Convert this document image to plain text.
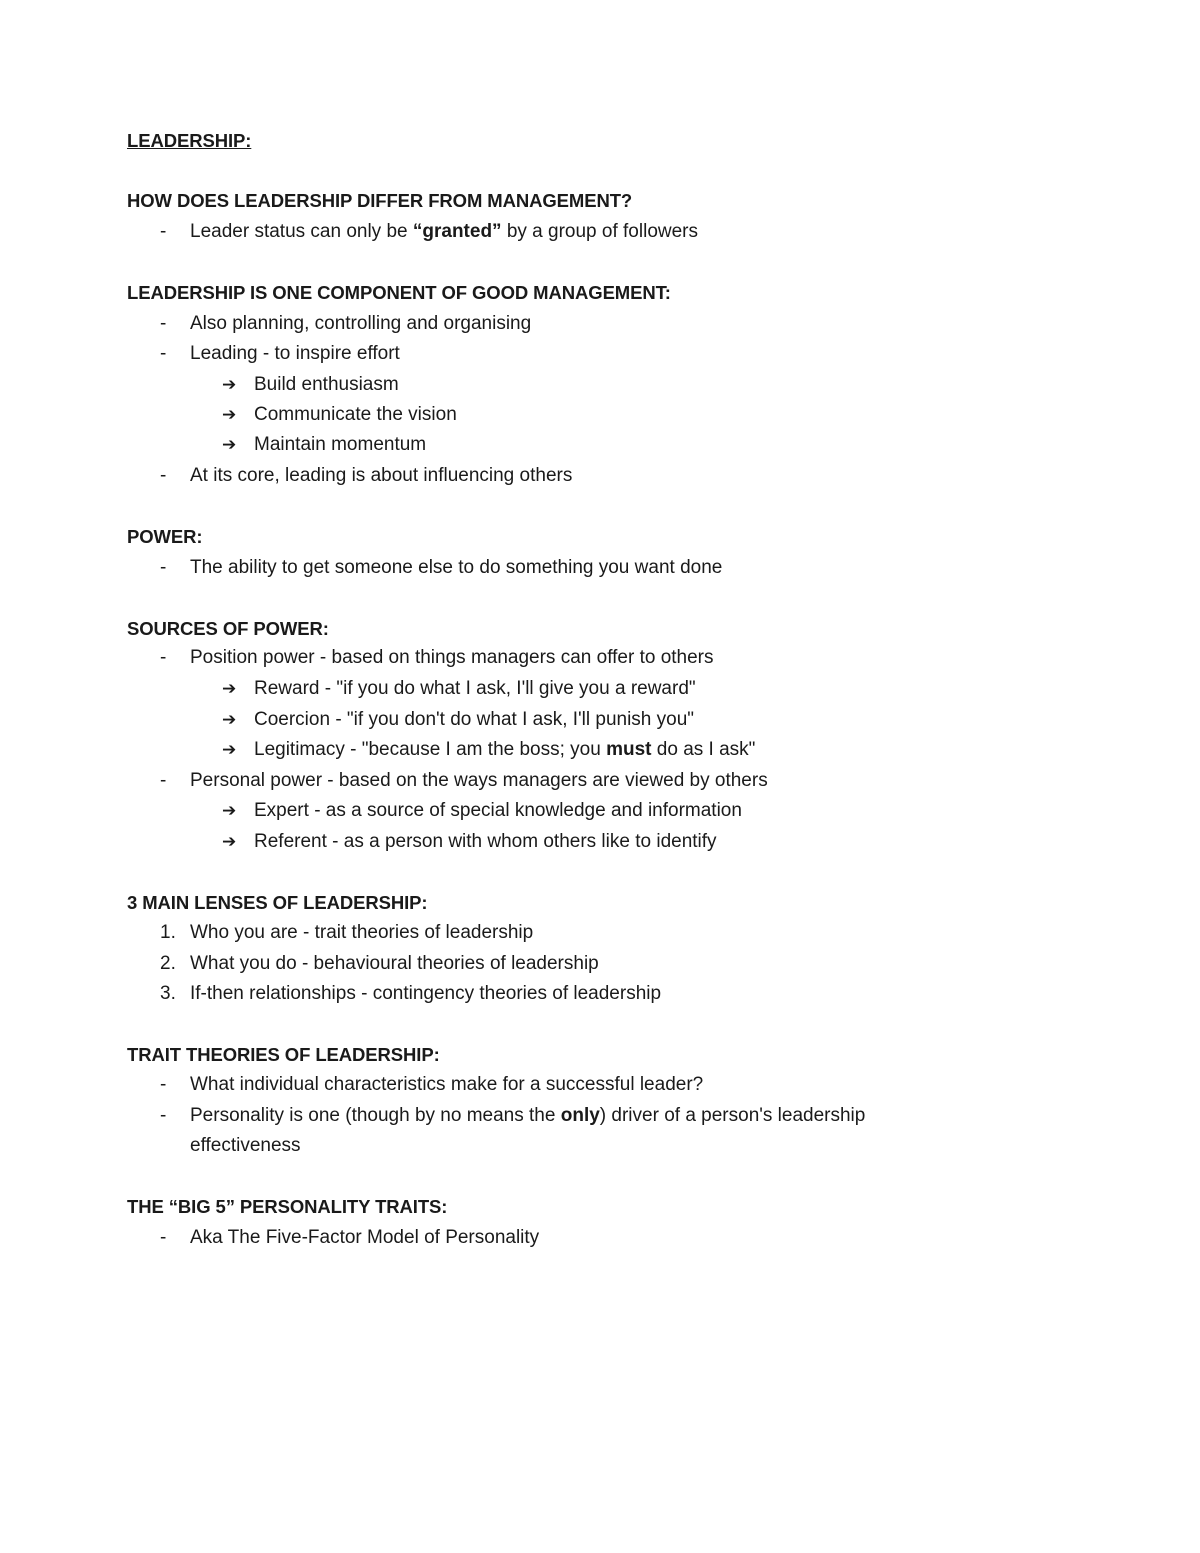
LEADERSHIP:
HOW DOES LEADERSHIP DIFFER FROM MANAGEMENT?
- Leader status can only be “granted” by a group of followers
LEADERSHIP IS ONE COMPONENT OF GOOD MANAGEMENT:
- Also planning, controlling and organising
- Leading - to inspire effort
➔ Build enthusiasm
➔ Communicate the vision
➔ Maintain momentum
- At its core, leading is about influencing others
POWER:
- The ability to get someone else to do something you want done
SOURCES OF POWER:
- Position power - based on things managers can offer to others
➔ Reward - "if you do what I ask, I'll give you a reward"
➔ Coercion - "if you don't do what I ask, I'll punish you"
➔ Legitimacy - "because I am the boss; you must do as I ask"
- Personal power - based on the ways managers are viewed by others
➔ Expert - as a source of special knowledge and information
➔ Referent - as a person with whom others like to identify
3 MAIN LENSES OF LEADERSHIP:
1. Who you are - trait theories of leadership
2. What you do - behavioural theories of leadership
3. If-then relationships - contingency theories of leadership
TRAIT THEORIES OF LEADERSHIP:
- What individual characteristics make for a successful leader?
- Personality is one (though by no means the only) driver of a person's leadership
effectiveness
THE “BIG 5” PERSONALITY TRAITS:
- Aka The Five-Factor Model of Personality
